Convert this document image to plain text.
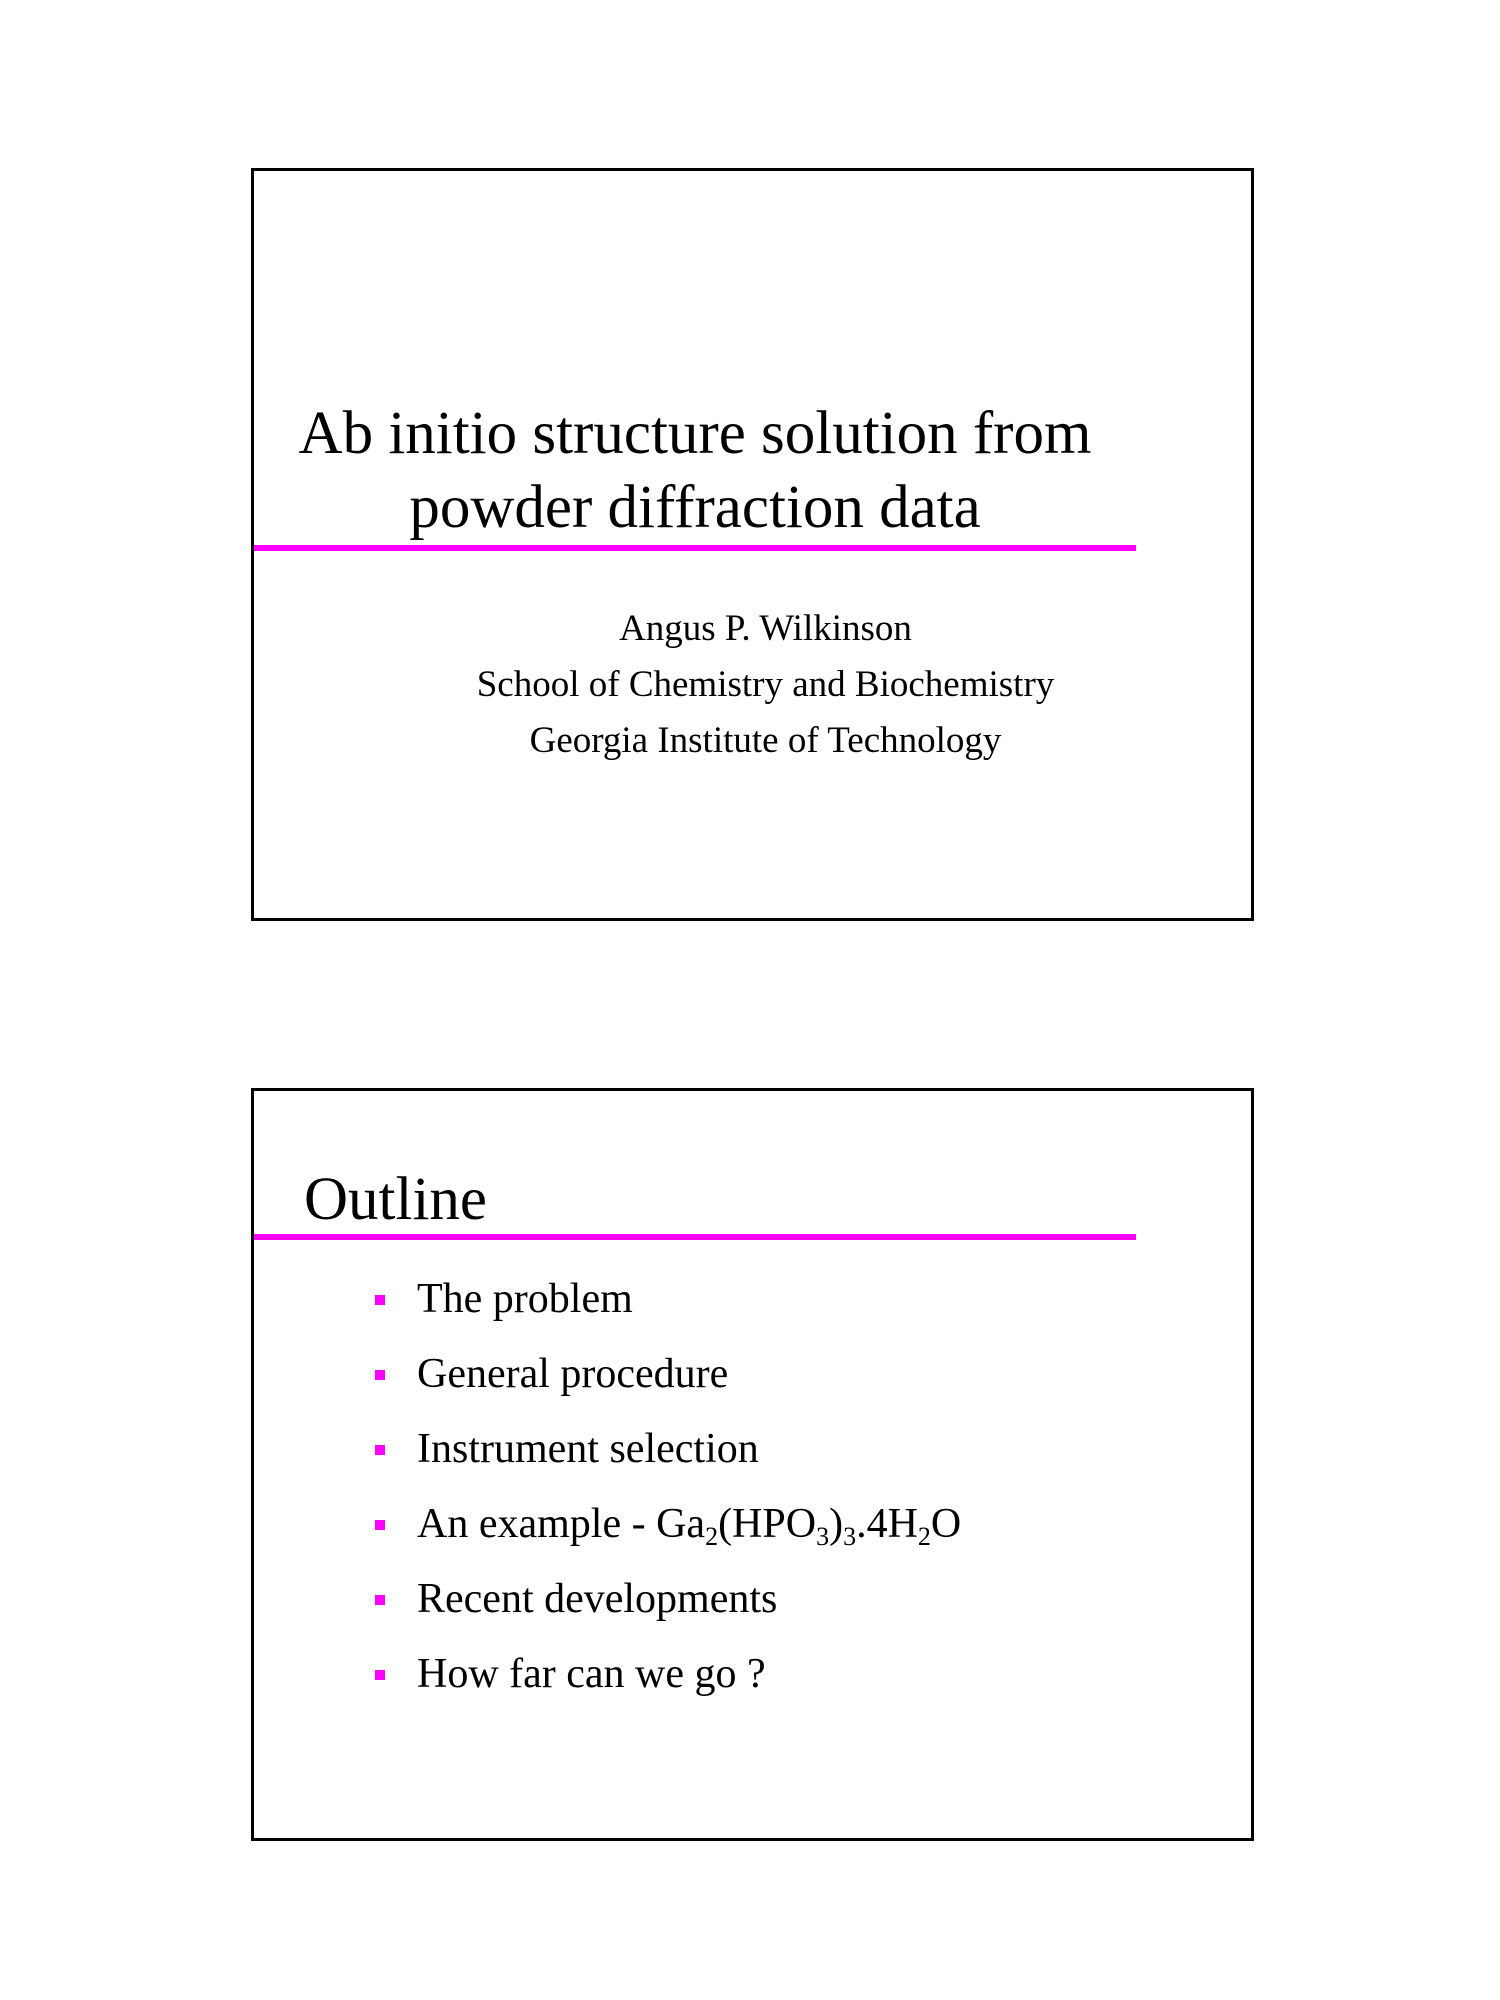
Ab initio structure solution from
powder diffraction data
Angus P. Wilkinson
School of Chemistry and Biochemistry
Georgia Institute of Technology
Outline
The problem
General procedure
Instrument selection
An example - $Ga_2(HPO_3)_3.4H_2O$
Recent developments
How far can we go ?
